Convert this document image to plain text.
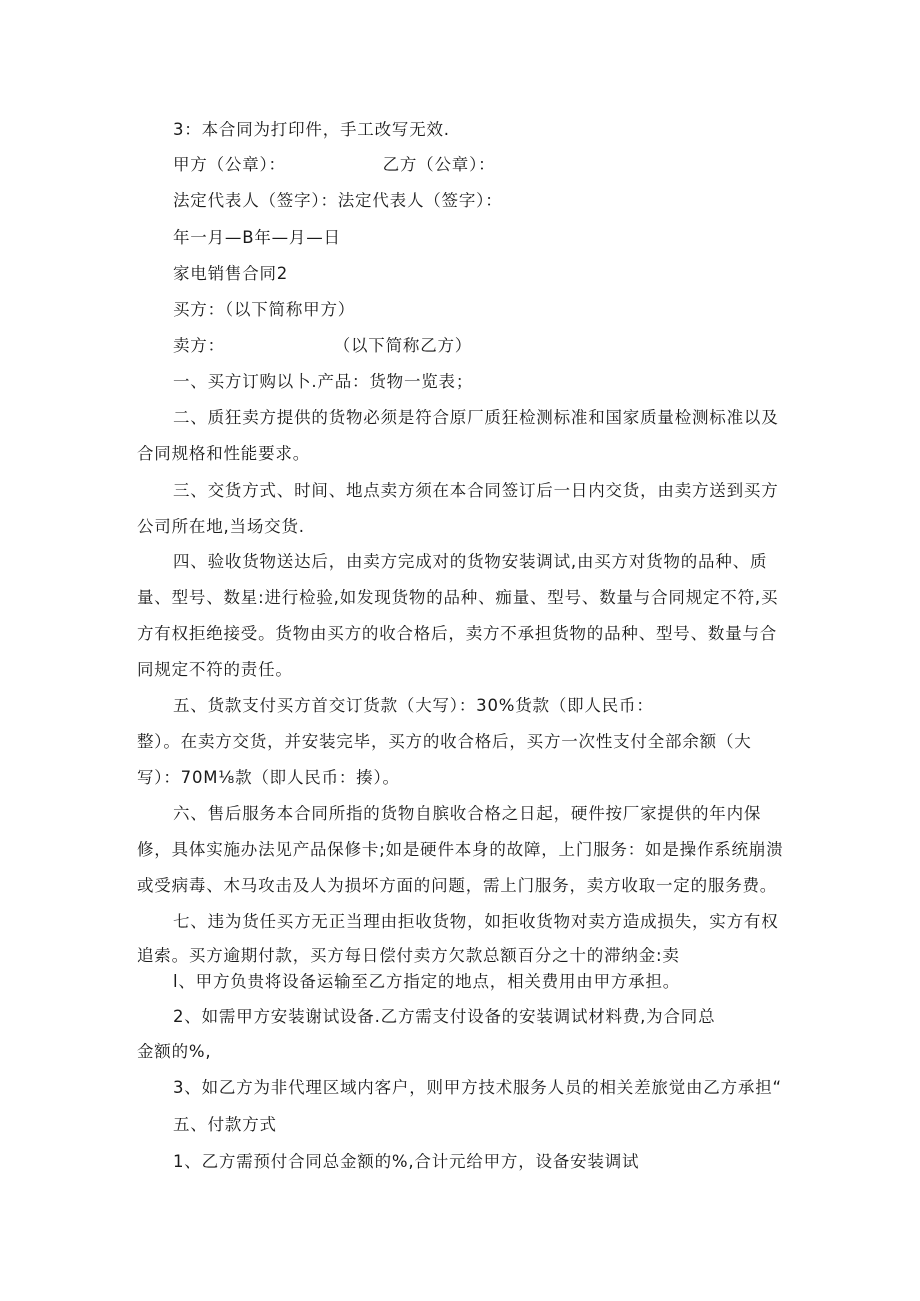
3：本合同为打印件，手工改写无效.

甲方（公章）：                乙方（公章）：

法定代表人（签字）：法定代表人（签字）：

年一月—B年—月—日

家电销售合同2

买方：（以下简称甲方）

卖方：                  （以下简称乙方）

一、买方订购以卜.产品：货物一览表；

二、质狂卖方提供的货物必须是符合原厂质狂检测标准和国家质量检测标准以及

合同规格和性能要求。

三、交货方式、时间、地点卖方须在本合同签订后一日内交货，由卖方送到买方

公司所在地,当场交货.

四、验收货物送达后，由卖方完成对的货物安装调试,由买方对货物的品种、质

量、型号、数星:进行检验,如发现货物的品种、痂量、型号、数量与合同规定不符,买

方有权拒绝接受。货物由买方的收合格后，卖方不承担货物的品种、型号、数量与合

同规定不符的责任。

五、货款支付买方首交订货款（大写）：30%货款（即人民币：

整）。在卖方交货，并安装完毕，买方的收合格后，买方一次性支付全部余额（大

写）：70M⅛款（即人民币：揍）。

六、售后服务本合同所指的货物自膑收合格之日起，硬件按厂家提供的年内保

修，具体实施办法见产品保修卡;如是硬件本身的故障，上门服务：如是操作系统崩溃

或受病毒、木马攻击及人为损坏方面的问题，需上门服务，卖方收取一定的服务费。

七、违为货任买方无正当理由拒收货物，如拒收货物对卖方造成损失，实方有权

追索。买方逾期付款，买方每日偿付卖方欠款总额百分之十的滞纳金:卖

l、甲方负贵将设备运输至乙方指定的地点，相关费用由甲方承担。

2、如需甲方安装谢试设备.乙方需支付设备的安装调试材料费,为合同总

金额的%,

3、如乙方为非代理区域内客户，则甲方技术服务人员的相关差旅觉由乙方承担“

五、付款方式

1、乙方需预付合同总金额的%,合计元给甲方，设备安装调试
